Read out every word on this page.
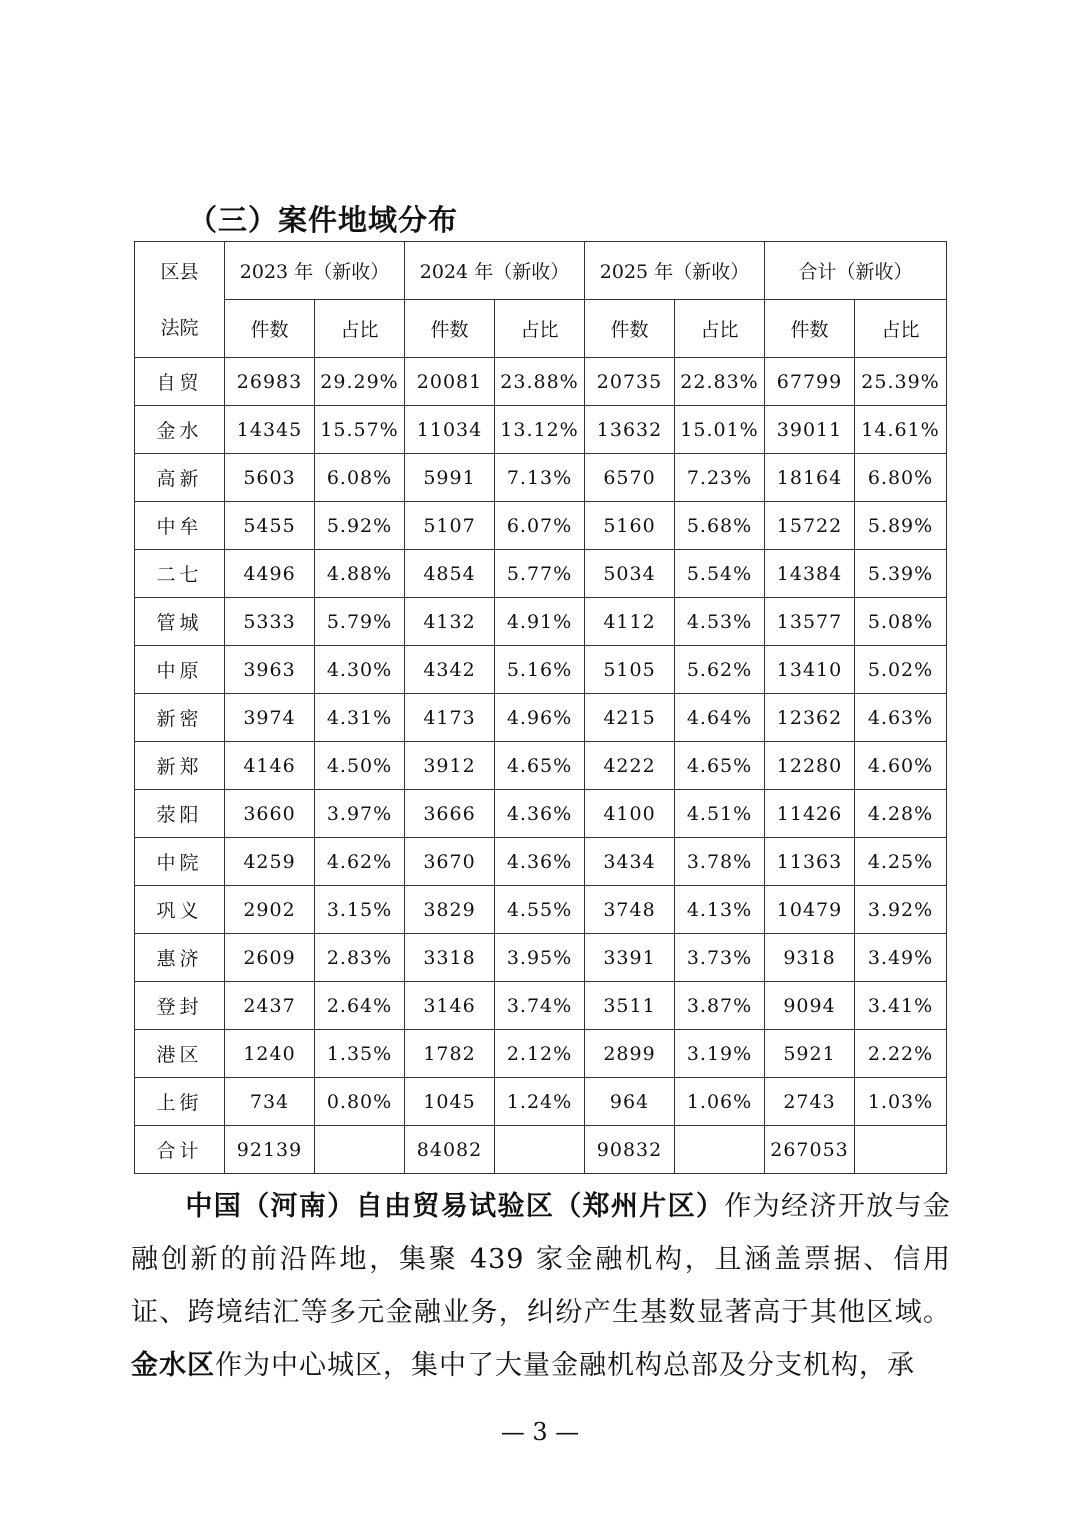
（三）案件地域分布
区县
法院	2023 年（新收）		2024 年（新收）		2025 年（新收）		合计（新收）	
	件数	占比	件数	占比	件数	占比	件数	占比
自贸	26983	29.29%	20081	23.88%	20735	22.83%	67799	25.39%
金水	14345	15.57%	11034	13.12%	13632	15.01%	39011	14.61%
高新	5603	6.08%	5991	7.13%	6570	7.23%	18164	6.80%
中牟	5455	5.92%	5107	6.07%	5160	5.68%	15722	5.89%
二七	4496	4.88%	4854	5.77%	5034	5.54%	14384	5.39%
管城	5333	5.79%	4132	4.91%	4112	4.53%	13577	5.08%
中原	3963	4.30%	4342	5.16%	5105	5.62%	13410	5.02%
新密	3974	4.31%	4173	4.96%	4215	4.64%	12362	4.63%
新郑	4146	4.50%	3912	4.65%	4222	4.65%	12280	4.60%
荥阳	3660	3.97%	3666	4.36%	4100	4.51%	11426	4.28%
中院	4259	4.62%	3670	4.36%	3434	3.78%	11363	4.25%
巩义	2902	3.15%	3829	4.55%	3748	4.13%	10479	3.92%
惠济	2609	2.83%	3318	3.95%	3391	3.73%	9318	3.49%
登封	2437	2.64%	3146	3.74%	3511	3.87%	9094	3.41%
港区	1240	1.35%	1782	2.12%	2899	3.19%	5921	2.22%
上街	734	0.80%	1045	1.24%	964	1.06%	2743	1.03%
合计	92139		84082		90832		267053	

中国（河南）自由贸易试验区（郑州片区）作为经济开放与金融创新的前沿阵地，集聚 439 家金融机构，且涵盖票据、信用证、跨境结汇等多元金融业务，纠纷产生基数显著高于其他区域。金水区作为中心城区，集中了大量金融机构总部及分支机构，承

— 3 —
